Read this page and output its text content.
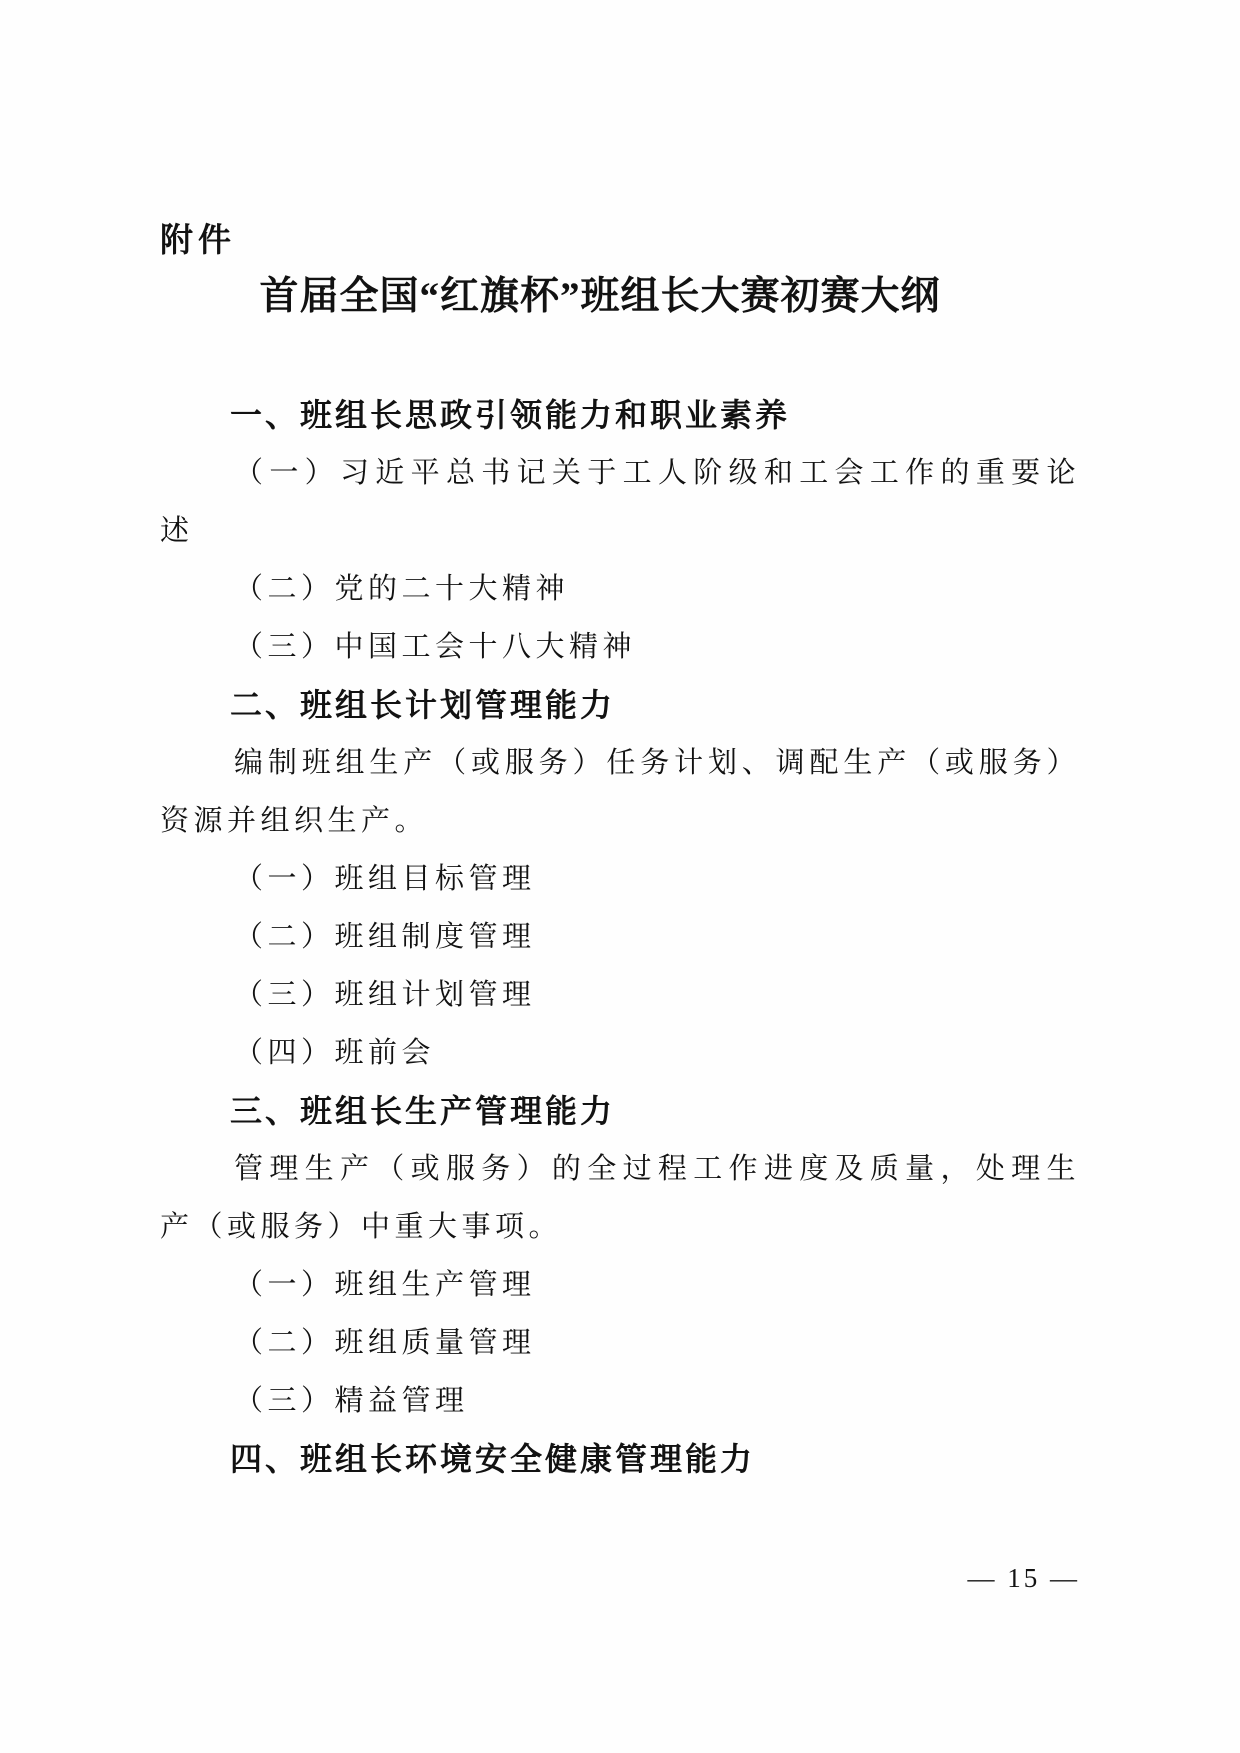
附件
首届全国“红旗杯”班组长大赛初赛大纲
一、班组长思政引领能力和职业素养
（一）习近平总书记关于工人阶级和工会工作的重要论
述
（二）党的二十大精神
（三）中国工会十八大精神
二、班组长计划管理能力
编制班组生产（或服务）任务计划、调配生产（或服务）
资源并组织生产。
（一）班组目标管理
（二）班组制度管理
（三）班组计划管理
（四）班前会
三、班组长生产管理能力
管理生产（或服务）的全过程工作进度及质量，处理生
产（或服务）中重大事项。
（一）班组生产管理
（二）班组质量管理
（三）精益管理
四、班组长环境安全健康管理能力
— 15 —
